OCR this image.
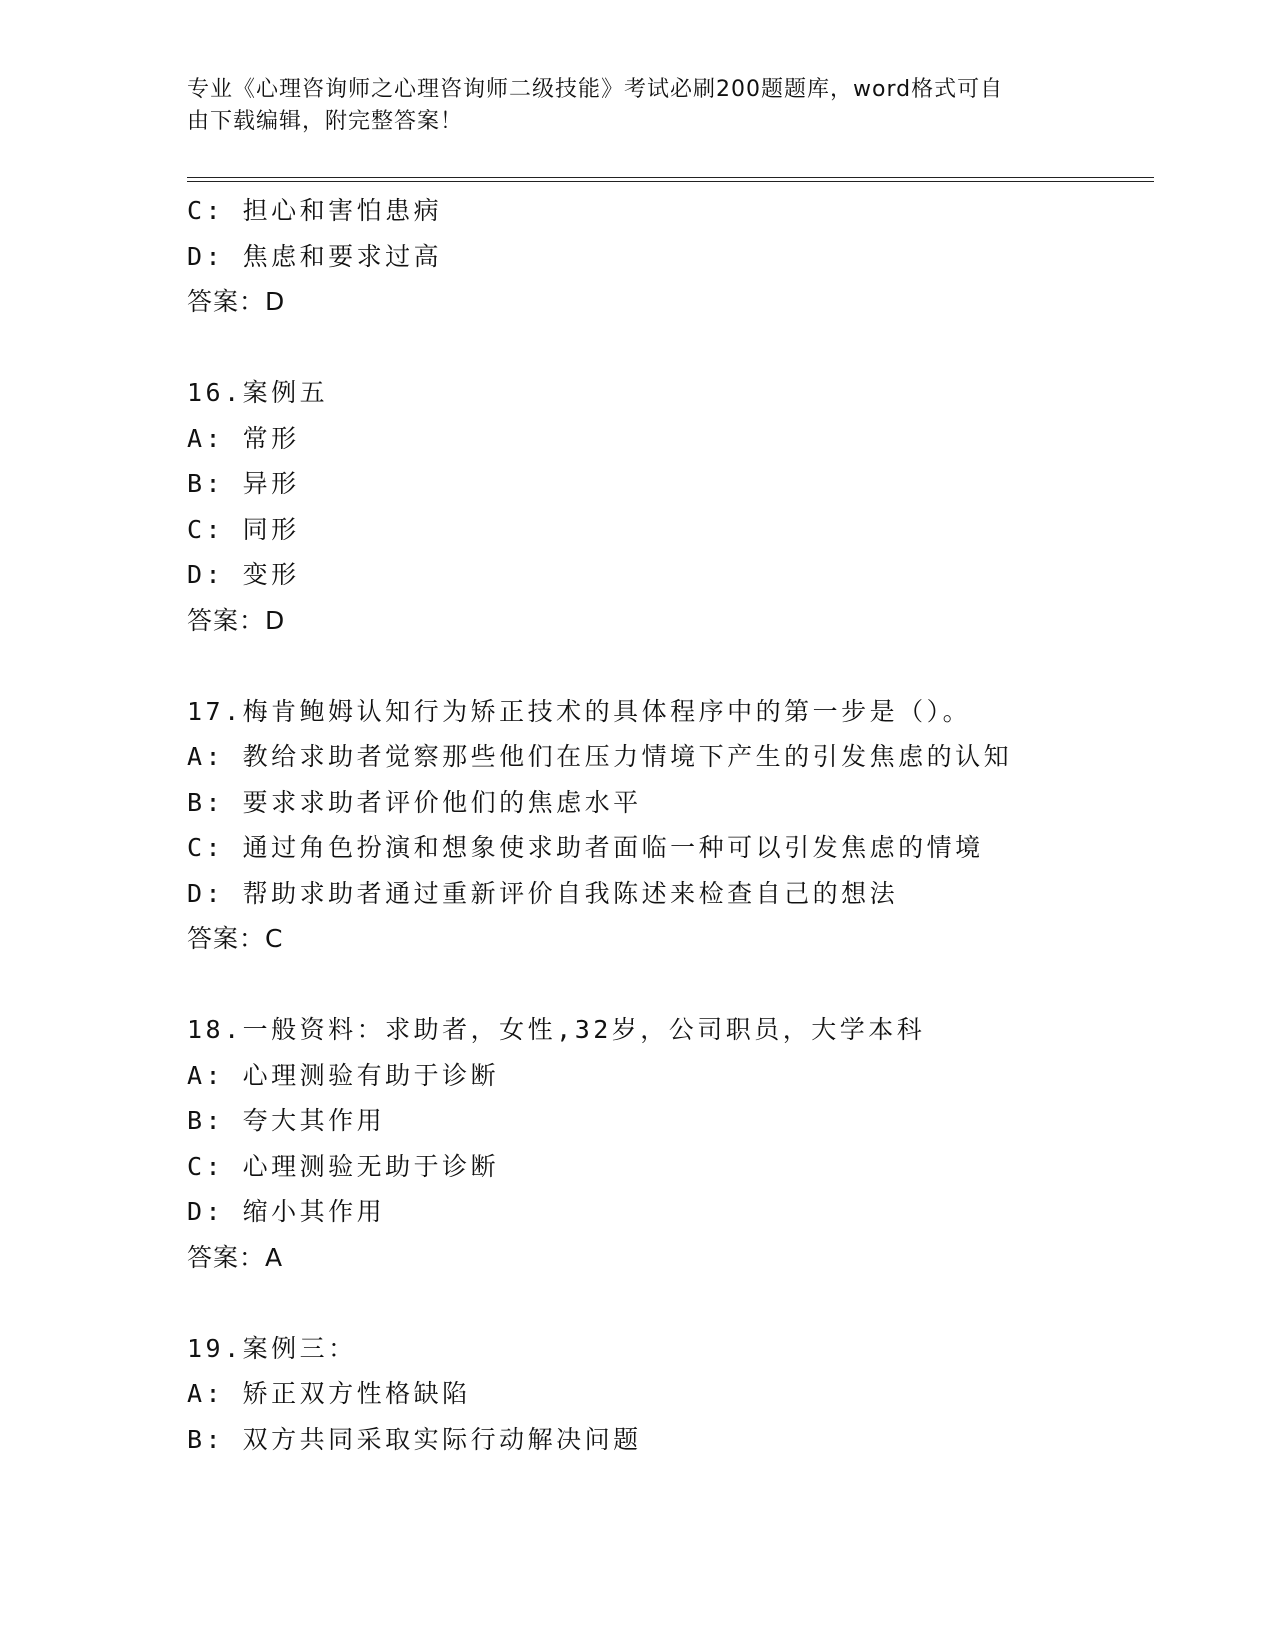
专业《心理咨询师之心理咨询师二级技能》考试必刷200题题库，word格式可自
由下载编辑，附完整答案！
C: 担心和害怕患病
D: 焦虑和要求过高
答案：D
16.案例五
A: 常形
B: 异形
C: 同形
D: 变形
答案：D
17.梅肯鲍姆认知行为矫正技术的具体程序中的第一步是（）。
A: 教给求助者觉察那些他们在压力情境下产生的引发焦虑的认知
B: 要求求助者评价他们的焦虑水平
C: 通过角色扮演和想象使求助者面临一种可以引发焦虑的情境
D: 帮助求助者通过重新评价自我陈述来检查自己的想法
答案：C
18.一般资料：求助者，女性,32岁，公司职员，大学本科
A: 心理测验有助于诊断
B: 夸大其作用
C: 心理测验无助于诊断
D: 缩小其作用
答案：A
19.案例三：
A: 矫正双方性格缺陷
B: 双方共同采取实际行动解决问题
